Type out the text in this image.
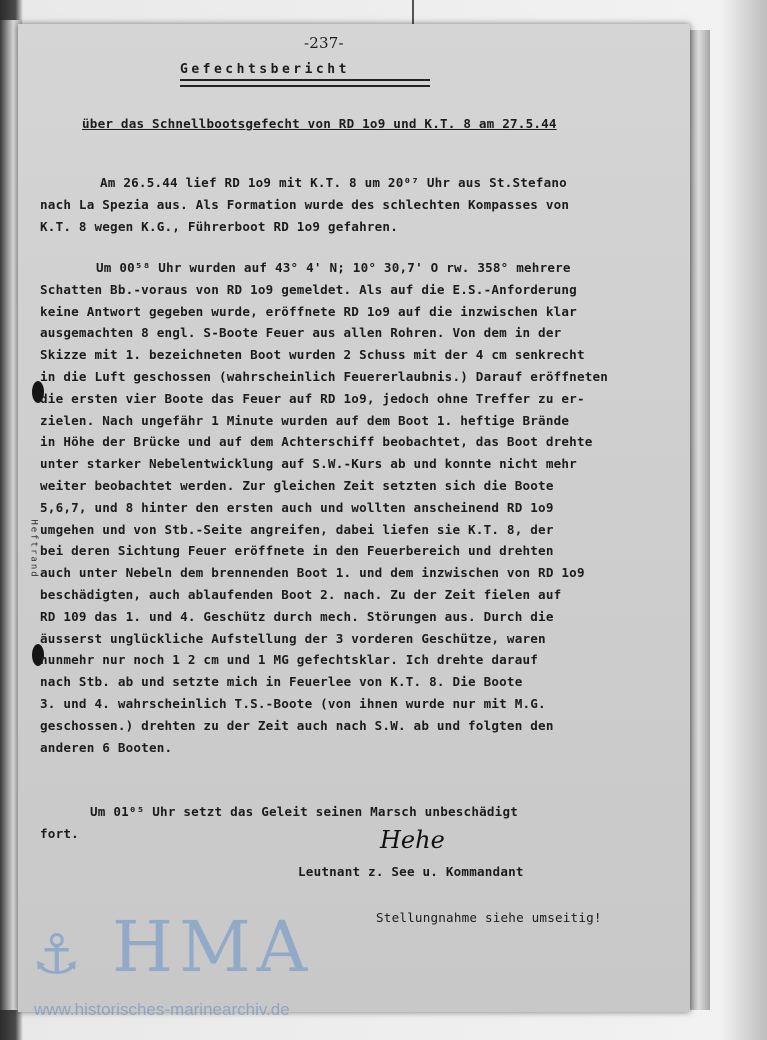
Heftrand
-237-
Gefechtsbericht
über das Schnellbootsgefecht von RD 1o9 und K.T. 8 am 27.5.44
Am 26.5.44 lief RD 1o9 mit K.T. 8 um 20⁰⁷ Uhr aus St.Stefano
nach La Spezia aus. Als Formation wurde des schlechten Kompasses von
K.T. 8 wegen K.G., Führerboot RD 1o9 gefahren.
Um 00⁵⁸ Uhr wurden auf 43° 4' N; 10° 30,7' O rw. 358° mehrere
Schatten Bb.-voraus von RD 1o9 gemeldet. Als auf die E.S.-Anforderung
keine Antwort gegeben wurde, eröffnete RD 1o9 auf die inzwischen klar
ausgemachten 8 engl. S-Boote Feuer aus allen Rohren. Von dem in der
Skizze mit 1. bezeichneten Boot wurden 2 Schuss mit der 4 cm senkrecht
in die Luft geschossen (wahrscheinlich Feuererlaubnis.) Darauf eröffneten
die ersten vier Boote das Feuer auf RD 1o9, jedoch ohne Treffer zu er-
zielen. Nach ungefähr 1 Minute wurden auf dem Boot 1. heftige Brände
in Höhe der Brücke und auf dem Achterschiff beobachtet, das Boot drehte
unter starker Nebelentwicklung auf S.W.-Kurs ab und konnte nicht mehr
weiter beobachtet werden. Zur gleichen Zeit setzten sich die Boote
5,6,7, und 8 hinter den ersten auch und wollten anscheinend RD 1o9
umgehen und von Stb.-Seite angreifen, dabei liefen sie K.T. 8, der
bei deren Sichtung Feuer eröffnete in den Feuerbereich und drehten
auch unter Nebeln dem brennenden Boot 1. und dem inzwischen von RD 1o9
beschädigten, auch ablaufenden Boot 2. nach. Zu der Zeit fielen auf
RD 109 das 1. und 4. Geschütz durch mech. Störungen aus. Durch die
äusserst unglückliche Aufstellung der 3 vorderen Geschütze, waren
nunmehr nur noch 1 2 cm und 1 MG gefechtsklar. Ich drehte darauf
nach Stb. ab und setzte mich in Feuerlee von K.T. 8. Die Boote
3. und 4. wahrscheinlich T.S.-Boote (von ihnen wurde nur mit M.G.
geschossen.) drehten zu der Zeit auch nach S.W. ab und folgten den
anderen 6 Booten.
Um 01⁰⁵ Uhr setzt das Geleit seinen Marsch unbeschädigt
fort.	Hehe
Leutnant z. See u. Kommandant
Stellungnahme siehe umseitig!
⚓ HMA
www.historisches-marinearchiv.de
